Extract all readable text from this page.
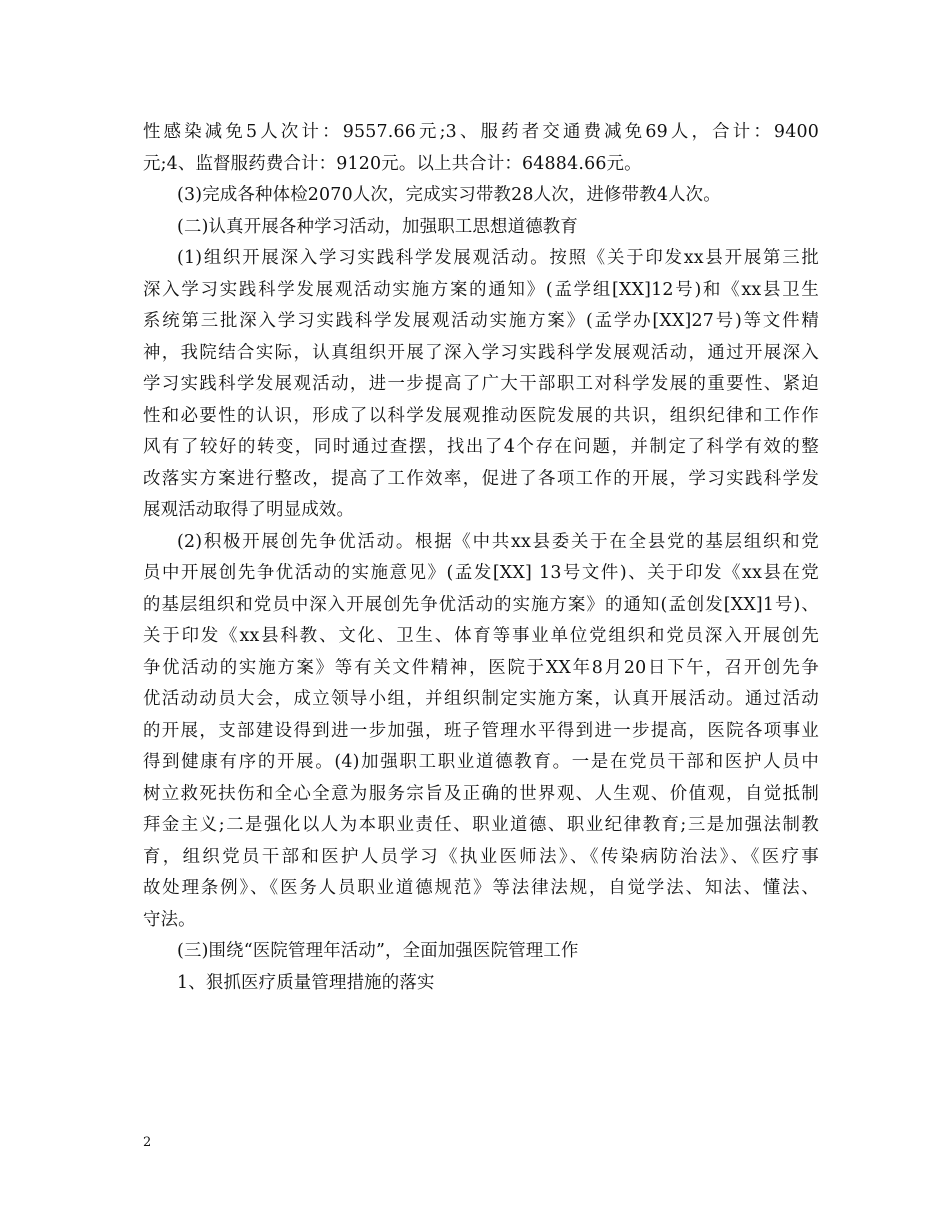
性感染减免5人次计：9557.66元;3、服药者交通费减免69人，合计：9400
元;4、监督服药费合计：9120元。以上共合计：64884.66元。
(3)完成各种体检2070人次，完成实习带教28人次，进修带教4人次。
(二)认真开展各种学习活动，加强职工思想道德教育
(1)组织开展深入学习实践科学发展观活动。按照《关于印发xx县开展第三批
深入学习实践科学发展观活动实施方案的通知》(孟学组[XX]12号)和《xx县卫生
系统第三批深入学习实践科学发展观活动实施方案》(孟学办[XX]27号)等文件精
神，我院结合实际，认真组织开展了深入学习实践科学发展观活动，通过开展深入
学习实践科学发展观活动，进一步提高了广大干部职工对科学发展的重要性、紧迫
性和必要性的认识，形成了以科学发展观推动医院发展的共识，组织纪律和工作作
风有了较好的转变，同时通过查摆，找出了4个存在问题，并制定了科学有效的整
改落实方案进行整改，提高了工作效率，促进了各项工作的开展，学习实践科学发
展观活动取得了明显成效。
(2)积极开展创先争优活动。根据《中共xx县委关于在全县党的基层组织和党
员中开展创先争优活动的实施意见》(孟发[XX] 13号文件)、关于印发《xx县在党
的基层组织和党员中深入开展创先争优活动的实施方案》的通知(孟创发[XX]1号)、
关于印发《xx县科教、文化、卫生、体育等事业单位党组织和党员深入开展创先
争优活动的实施方案》等有关文件精神，医院于XX年8月20日下午，召开创先争
优活动动员大会，成立领导小组，并组织制定实施方案，认真开展活动。通过活动
的开展，支部建设得到进一步加强，班子管理水平得到进一步提高，医院各项事业
得到健康有序的开展。(4)加强职工职业道德教育。一是在党员干部和医护人员中
树立救死扶伤和全心全意为服务宗旨及正确的世界观、人生观、价值观，自觉抵制
拜金主义;二是强化以人为本职业责任、职业道德、职业纪律教育;三是加强法制教
育，组织党员干部和医护人员学习《执业医师法》、《传染病防治法》、《医疗事
故处理条例》、《医务人员职业道德规范》等法律法规，自觉学法、知法、懂法、
守法。
(三)围绕“医院管理年活动”，全面加强医院管理工作
1、狠抓医疗质量管理措施的落实
2
